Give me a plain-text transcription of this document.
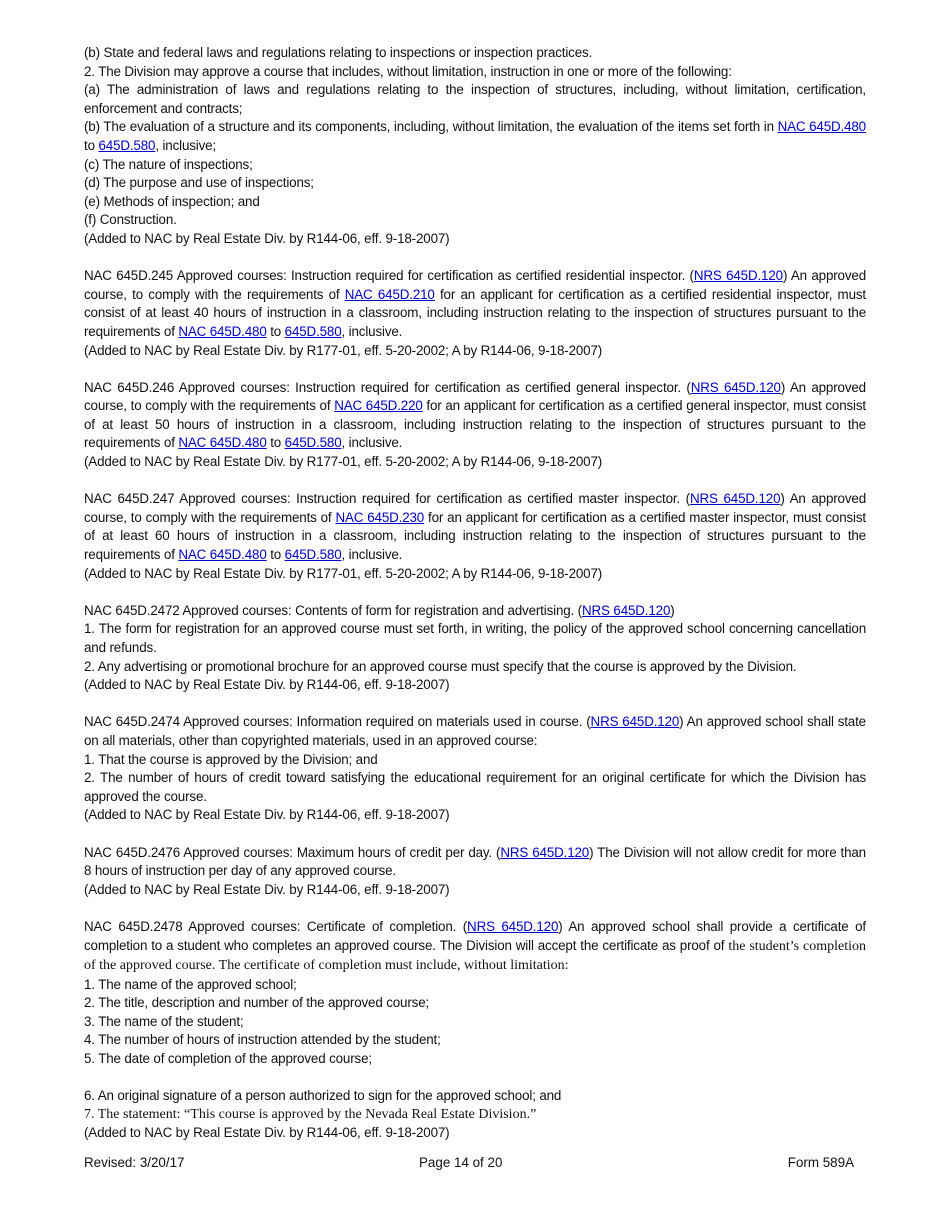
(b) State and federal laws and regulations relating to inspections or inspection practices.
2. The Division may approve a course that includes, without limitation, instruction in one or more of the following:
(a) The administration of laws and regulations relating to the inspection of structures, including, without limitation, certification, enforcement and contracts;
(b) The evaluation of a structure and its components, including, without limitation, the evaluation of the items set forth in NAC 645D.480 to 645D.580, inclusive;
(c) The nature of inspections;
(d) The purpose and use of inspections;
(e) Methods of inspection; and
(f) Construction.
(Added to NAC by Real Estate Div. by R144-06, eff. 9-18-2007)
NAC 645D.245 Approved courses: Instruction required for certification as certified residential inspector. (NRS 645D.120) An approved course, to comply with the requirements of NAC 645D.210 for an applicant for certification as a certified residential inspector, must consist of at least 40 hours of instruction in a classroom, including instruction relating to the inspection of structures pursuant to the requirements of NAC 645D.480 to 645D.580, inclusive.
(Added to NAC by Real Estate Div. by R177-01, eff. 5-20-2002; A by R144-06, 9-18-2007)
NAC 645D.246 Approved courses: Instruction required for certification as certified general inspector. (NRS 645D.120) An approved course, to comply with the requirements of NAC 645D.220 for an applicant for certification as a certified general inspector, must consist of at least 50 hours of instruction in a classroom, including instruction relating to the inspection of structures pursuant to the requirements of NAC 645D.480 to 645D.580, inclusive.
(Added to NAC by Real Estate Div. by R177-01, eff. 5-20-2002; A by R144-06, 9-18-2007)
NAC 645D.247 Approved courses: Instruction required for certification as certified master inspector. (NRS 645D.120) An approved course, to comply with the requirements of NAC 645D.230 for an applicant for certification as a certified master inspector, must consist of at least 60 hours of instruction in a classroom, including instruction relating to the inspection of structures pursuant to the requirements of NAC 645D.480 to 645D.580, inclusive.
(Added to NAC by Real Estate Div. by R177-01, eff. 5-20-2002; A by R144-06, 9-18-2007)
NAC 645D.2472 Approved courses: Contents of form for registration and advertising. (NRS 645D.120)
1. The form for registration for an approved course must set forth, in writing, the policy of the approved school concerning cancellation and refunds.
2. Any advertising or promotional brochure for an approved course must specify that the course is approved by the Division.
(Added to NAC by Real Estate Div. by R144-06, eff. 9-18-2007)
NAC 645D.2474 Approved courses: Information required on materials used in course. (NRS 645D.120) An approved school shall state on all materials, other than copyrighted materials, used in an approved course:
1. That the course is approved by the Division; and
2. The number of hours of credit toward satisfying the educational requirement for an original certificate for which the Division has approved the course.
(Added to NAC by Real Estate Div. by R144-06, eff. 9-18-2007)
NAC 645D.2476 Approved courses: Maximum hours of credit per day. (NRS 645D.120) The Division will not allow credit for more than 8 hours of instruction per day of any approved course.
(Added to NAC by Real Estate Div. by R144-06, eff. 9-18-2007)
NAC 645D.2478 Approved courses: Certificate of completion. (NRS 645D.120) An approved school shall provide a certificate of completion to a student who completes an approved course. The Division will accept the certificate as proof of the student’s completion of the approved course. The certificate of completion must include, without limitation:
1. The name of the approved school;
2. The title, description and number of the approved course;
3. The name of the student;
4. The number of hours of instruction attended by the student;
5. The date of completion of the approved course;
6. An original signature of a person authorized to sign for the approved school; and
7. The statement: “This course is approved by the Nevada Real Estate Division.”
(Added to NAC by Real Estate Div. by R144-06, eff. 9-18-2007)
Revised: 3/20/17	Page 14 of 20	Form 589A
